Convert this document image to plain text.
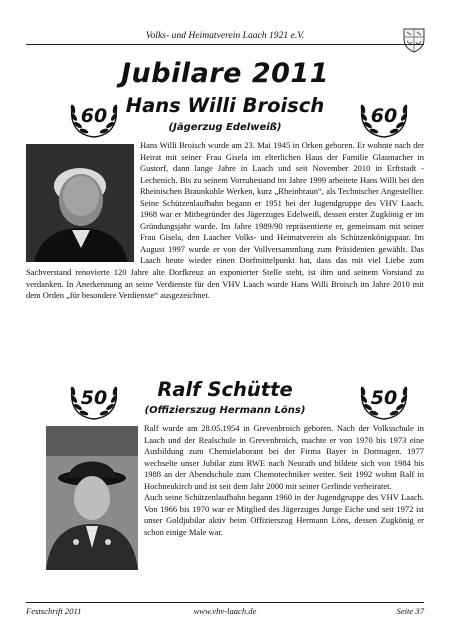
Volks- und Heimatverein Laach 1921 e.V.
Jubilare 2011
60	60
Hans Willi Broisch
(Jägerzug Edelweiß)

Hans Willi Broisch wurde am 23. Mai 1945 in Orken geboren. Er wohnte nach der Heirat mit seiner Frau Gisela im elterlichen Haus der Familie Glasmacher in Gustorf, dann lange Jahre in Laach und seit November 2010 in Erftstadt - Lechenich. Bis zu seinem Vorruhestand im Jahre 1999 arbeitete Hans Willi bei den Rheinischen Braunkohle Werken, kurz „Rheinbraun“, als Technischer Angestellter. Seine Schützenlaufbahn begann er 1951 bei der Jugendgruppe des VHV Laach. 1968 war er Mitbegründer des Jägerzuges Edelweiß, dessen erster Zugkönig er im Gründungsjahr wurde. Im Jahre 1989/90 repräsentierte er, gemeinsam mit seiner Frau Gisela, den Laacher Volks- und Heimatverein als Schützenkönigspaar. Im August 1997 wurde er von der Vollversammlung zum Präsidenten gewählt. Das Laach heute wieder einen Dorfmittelpunkt hat, dass das mit viel Liebe zum Sachverstand renovierte 120 Jahre alte Dorfkreuz an exponierter Stelle steht, ist ihm und seinem Vorstand zu verdanken. In Anerkennung an seine Verdienste für den VHV Laach wurde Hans Willi Broisch im Jahre 2010 mit dem Orden „für besondere Verdienste“ ausgezeichnet.

50	50
Ralf Schütte
(Offizierszug Hermann Löns)

Ralf wurde am 28.05.1954 in Grevenbroich geboren. Nach der Volksschule in Laach und der Realschule in Grevenbroich, machte er von 1970 bis 1973 eine Ausbildung zum Chemielaborant bei der Firma Bayer in Dormagen. 1977 wechselte unser Jubilar zum RWE nach Neurath und bildete sich von 1984 bis 1988 an der Abendschule zum Chemotechniker weiter. Seit 1992 wohnt Ralf in Hochneukirch und ist seit dem Jahr 2000 mit seiner Gerlinde verheiratet.

Auch seine Schützenlaufbahn begann 1960 in der Jugendgruppe des VHV Laach. Von 1966 bis 1970 war er Mitglied des Jägerzuges Junge Eiche und seit 1972 ist unser Goldjubilar aktiv beim Offizierszug Hermann Löns, dessen Zugkönig er schon einige Male war.

Festschrift 2011	www.vhv-laach.de	Seite 37
